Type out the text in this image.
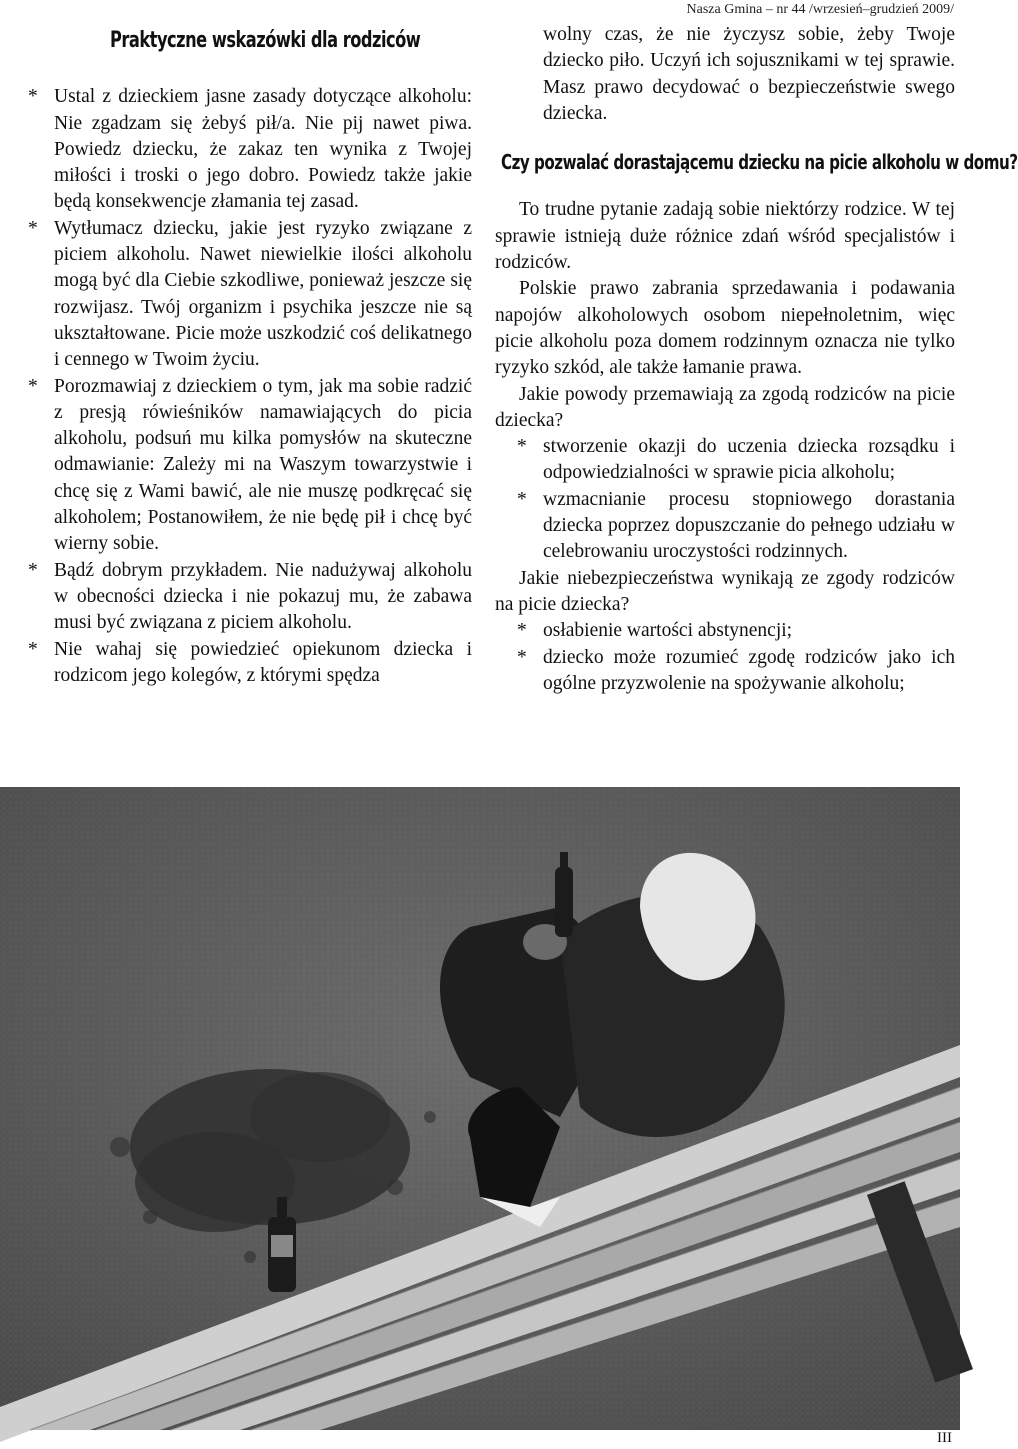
Nasza Gmina – nr 44 /wrzesień–grudzień 2009/
Praktyczne wskazówki dla rodziców

* Ustal z dzieckiem jasne zasady dotyczące alkoholu: Nie zgadzam się żebyś pił/a. Nie pij nawet piwa. Powiedz dziecku, że zakaz ten wynika z Twojej miłości i troski o jego dobro. Powiedz także jakie będą konsekwencje złamania tej zasad.

* Wytłumacz dziecku, jakie jest ryzyko związane z piciem alkoholu. Nawet niewielkie ilości alkoholu mogą być dla Ciebie szkodliwe, ponieważ jeszcze się rozwijasz. Twój organizm i psychika jeszcze nie są ukształtowane. Picie może uszkodzić coś delikatnego i cennego w Twoim życiu.

* Porozmawiaj z dzieckiem o tym, jak ma sobie radzić z presją rówieśników namawiających do picia alkoholu, podsuń mu kilka pomysłów na skuteczne odmawianie: Zależy mi na Waszym towarzystwie i chcę się z Wami bawić, ale nie muszę podkręcać się alkoholem; Postanowiłem, że nie będę pił i chcę być wierny sobie.

* Bądź dobrym przykładem. Nie nadużywaj alkoholu w obecności dziecka i nie pokazuj mu, że zabawa musi być związana z piciem alkoholu.

* Nie wahaj się powiedzieć opiekunom dziecka i rodzicom jego kolegów, z którymi spędza

wolny czas, że nie życzysz sobie, żeby Twoje dziecko piło. Uczyń ich sojusznikami w tej sprawie. Masz prawo decydować o bezpieczeństwie swego dziecka.

Czy pozwalać dorastającemu dziecku na picie alkoholu w domu?

To trudne pytanie zadają sobie niektórzy rodzice. W tej sprawie istnieją duże różnice zdań wśród specjalistów i rodziców.

Polskie prawo zabrania sprzedawania i podawania napojów alkoholowych osobom niepełnoletnim, więc picie alkoholu poza domem rodzinnym oznacza nie tylko ryzyko szkód, ale także łamanie prawa.

Jakie powody przemawiają za zgodą rodziców na picie dziecka?

* stworzenie okazji do uczenia dziecka rozsądku i odpowiedzialności w sprawie picia alkoholu;

* wzmacnianie procesu stopniowego dorastania dziecka poprzez dopuszczanie do pełnego udziału w celebrowaniu uroczystości rodzinnych.

Jakie niebezpieczeństwa wynikają ze zgody rodziców na picie dziecka?

* osłabienie wartości abstynencji;

* dziecko może rozumieć zgodę rodziców jako ich ogólne przyzwolenie na spożywanie alkoholu;

III
